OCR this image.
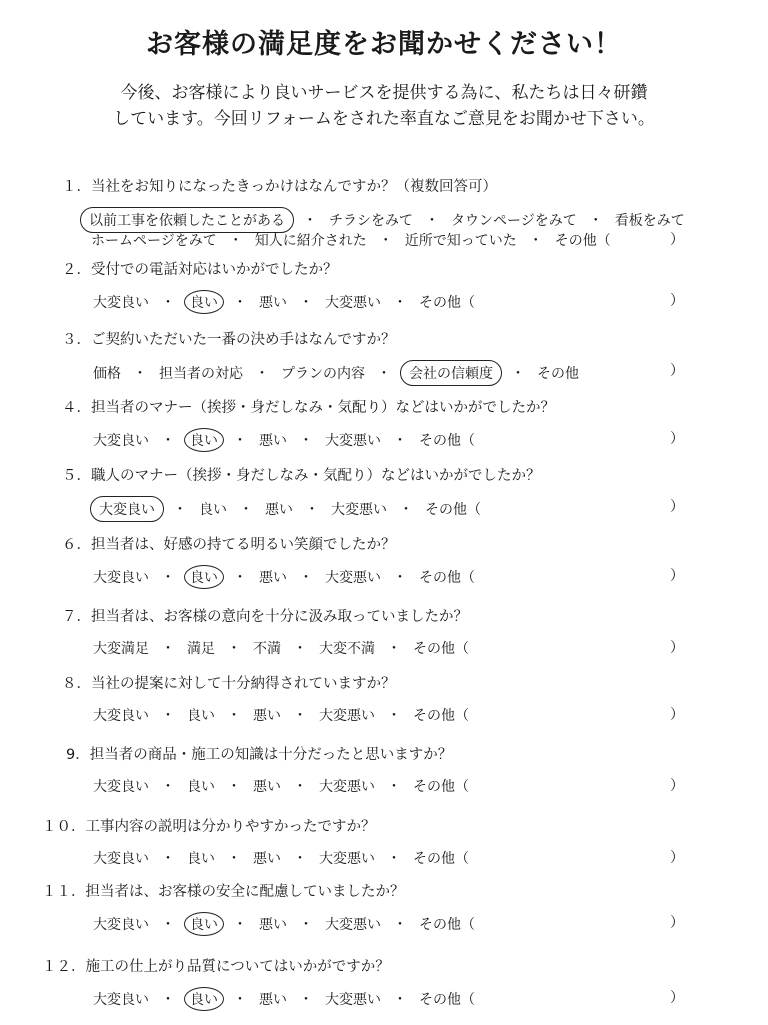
お客様の満足度をお聞かせください！
今後、お客様により良いサービスを提供する為に、私たちは日々研鑽
しています。今回リフォームをされた率直なご意見をお聞かせ下さい。
１．当社をお知りになったきっかけはなんですか？（複数回答可）
以前工事を依頼したことがある ・ チラシをみて ・ タウンページをみて ・ 看板をみて
ホームページをみて ・ 知人に紹介された ・ 近所で知っていた ・ その他（	）
２．受付での電話対応はいかがでしたか？
大変良い ・ 良い ・ 悪い ・ 大変悪い ・ その他（	）
３．ご契約いただいた一番の決め手はなんですか？
価格 ・ 担当者の対応 ・ プランの内容 ・ 会社の信頼度 ・ その他	）
４．担当者のマナー（挨拶・身だしなみ・気配り）などはいかがでしたか？
大変良い ・ 良い ・ 悪い ・ 大変悪い ・ その他（	）
５．職人のマナー（挨拶・身だしなみ・気配り）などはいかがでしたか？
大変良い ・ 良い ・ 悪い ・ 大変悪い ・ その他（	）
６．担当者は、好感の持てる明るい笑顔でしたか？
大変良い ・ 良い ・ 悪い ・ 大変悪い ・ その他（	）
７．担当者は、お客様の意向を十分に汲み取っていましたか？
大変満足 ・ 満足 ・ 不満 ・ 大変不満 ・ その他（	）
８．当社の提案に対して十分納得されていますか？
大変良い ・ 良い ・ 悪い ・ 大変悪い ・ その他（	）
9．担当者の商品・施工の知識は十分だったと思いますか？
大変良い ・ 良い ・ 悪い ・ 大変悪い ・ その他（	）
１０．工事内容の説明は分かりやすかったですか？
大変良い ・ 良い ・ 悪い ・ 大変悪い ・ その他（	）
１１．担当者は、お客様の安全に配慮していましたか？
大変良い ・ 良い ・ 悪い ・ 大変悪い ・ その他（	）
１２．施工の仕上がり品質についてはいかがですか？
大変良い ・ 良い ・ 悪い ・ 大変悪い ・ その他（	）
